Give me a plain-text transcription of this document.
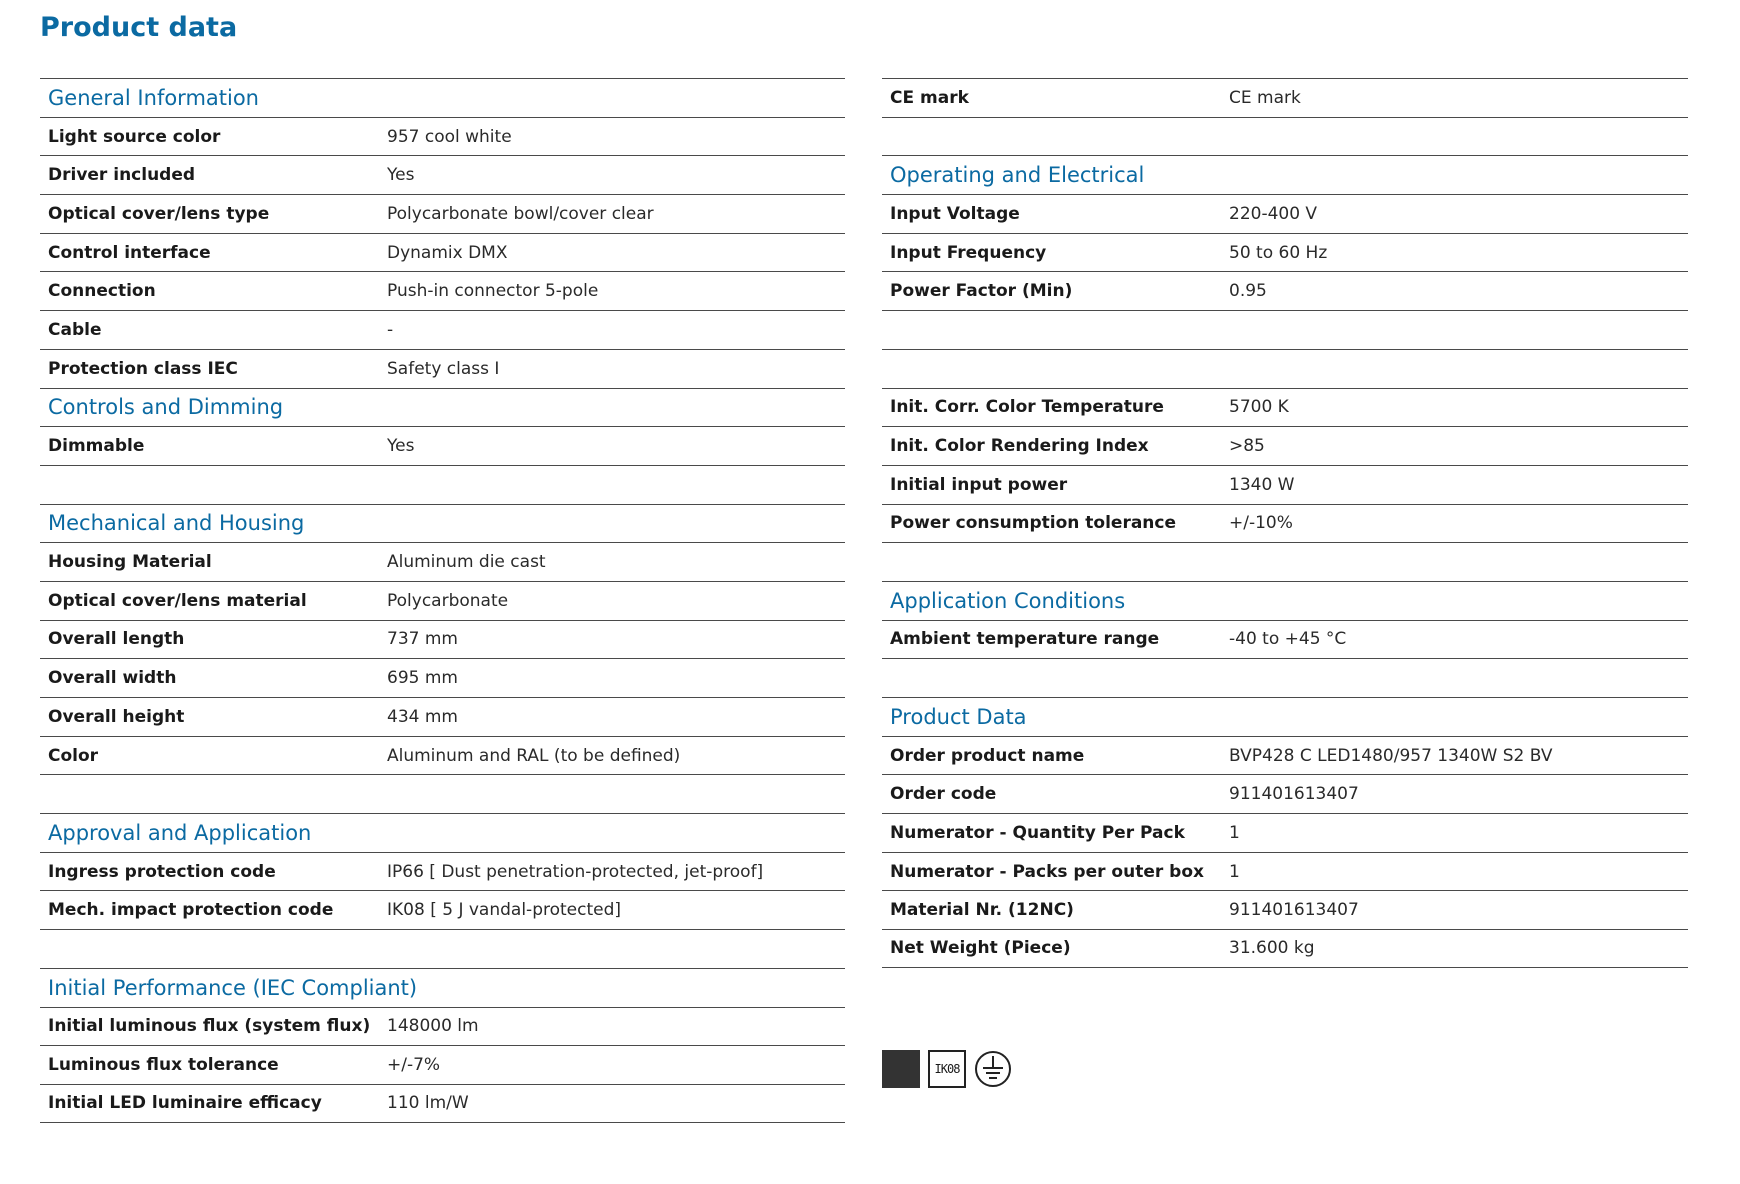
Product data
General Information
Light source color	957 cool white
Driver included	Yes
Optical cover/lens type	Polycarbonate bowl/cover clear
Control interface	Dynamix DMX
Connection	Push-in connector 5-pole
Cable	-
Protection class IEC	Safety class I
Controls and Dimming
Dimmable	Yes
Mechanical and Housing
Housing Material	Aluminum die cast
Optical cover/lens material	Polycarbonate
Overall length	737 mm
Overall width	695 mm
Overall height	434 mm
Color	Aluminum and RAL (to be defined)
Approval and Application
Ingress protection code	IP66 [ Dust penetration-protected, jet-proof]
Mech. impact protection code	IK08 [ 5 J vandal-protected]
Initial Performance (IEC Compliant)
Initial luminous flux (system flux) 148000 lm
Luminous flux tolerance	+/-7%
Initial LED luminaire efficacy	110 lm/W
CE mark	CE mark
Operating and Electrical
Input Voltage	220-400 V
Input Frequency	50 to 60 Hz
Power Factor (Min)	0.95
Init. Corr. Color Temperature	5700 K
Init. Color Rendering Index	>85
Initial input power	1340 W
Power consumption tolerance	+/-10%
Application Conditions
Ambient temperature range	-40 to +45 °C
Product Data
Order product name	BVP428 C LED1480/957 1340W S2 BV
Order code	911401613407
Numerator - Quantity Per Pack	1
Numerator - Packs per outer box	1
Material Nr. (12NC)	911401613407
Net Weight (Piece)	31.600 kg
IK08
